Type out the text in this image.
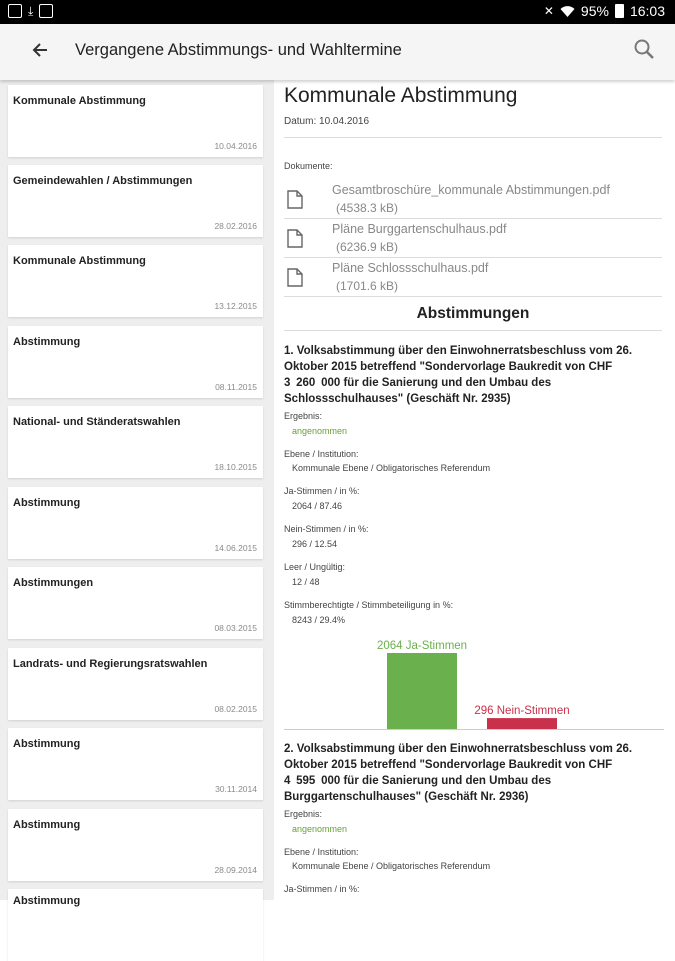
⤓	✕ 95% 16:03
Vergangene Abstimmungs- und Wahltermine
Kommunale Abstimmung
10.04.2016
Gemeindewahlen / Abstimmungen
28.02.2016
Kommunale Abstimmung
13.12.2015
Abstimmung
08.11.2015
National- und Ständeratswahlen
18.10.2015
Abstimmung
14.06.2015
Abstimmungen
08.03.2015
Landrats- und Regierungsratswahlen
08.02.2015
Abstimmung
30.11.2014
Abstimmung
28.09.2014
Abstimmung
Kommunale Abstimmung
Datum: 10.04.2016
Dokumente:
Gesamtbroschüre_kommunale Abstimmungen.pdf
(4538.3 kB)
Pläne Burggartenschulhaus.pdf
(6236.9 kB)
Pläne Schlossschulhaus.pdf
(1701.6 kB)
Abstimmungen
1. Volksabstimmung über den Einwohnerratsbeschluss vom 26.
Oktober 2015 betreffend "Sondervorlage Baukredit von CHF
3 260 000 für die Sanierung und den Umbau des
Schlossschulhauses" (Geschäft Nr. 2935)
Ergebnis:
angenommen
Ebene / Institution:
Kommunale Ebene / Obligatorisches Referendum
Ja-Stimmen / in %:
2064 / 87.46
Nein-Stimmen / in %:
296 / 12.54
Leer / Ungültig:
12 / 48
Stimmberechtigte / Stimmbeteiligung in %:
8243 / 29.4%
2064 Ja-Stimmen
296 Nein-Stimmen
2. Volksabstimmung über den Einwohnerratsbeschluss vom 26.
Oktober 2015 betreffend "Sondervorlage Baukredit von CHF
4 595 000 für die Sanierung und den Umbau des
Burggartenschulhauses" (Geschäft Nr. 2936)
Ergebnis:
angenommen
Ebene / Institution:
Kommunale Ebene / Obligatorisches Referendum
Ja-Stimmen / in %:
